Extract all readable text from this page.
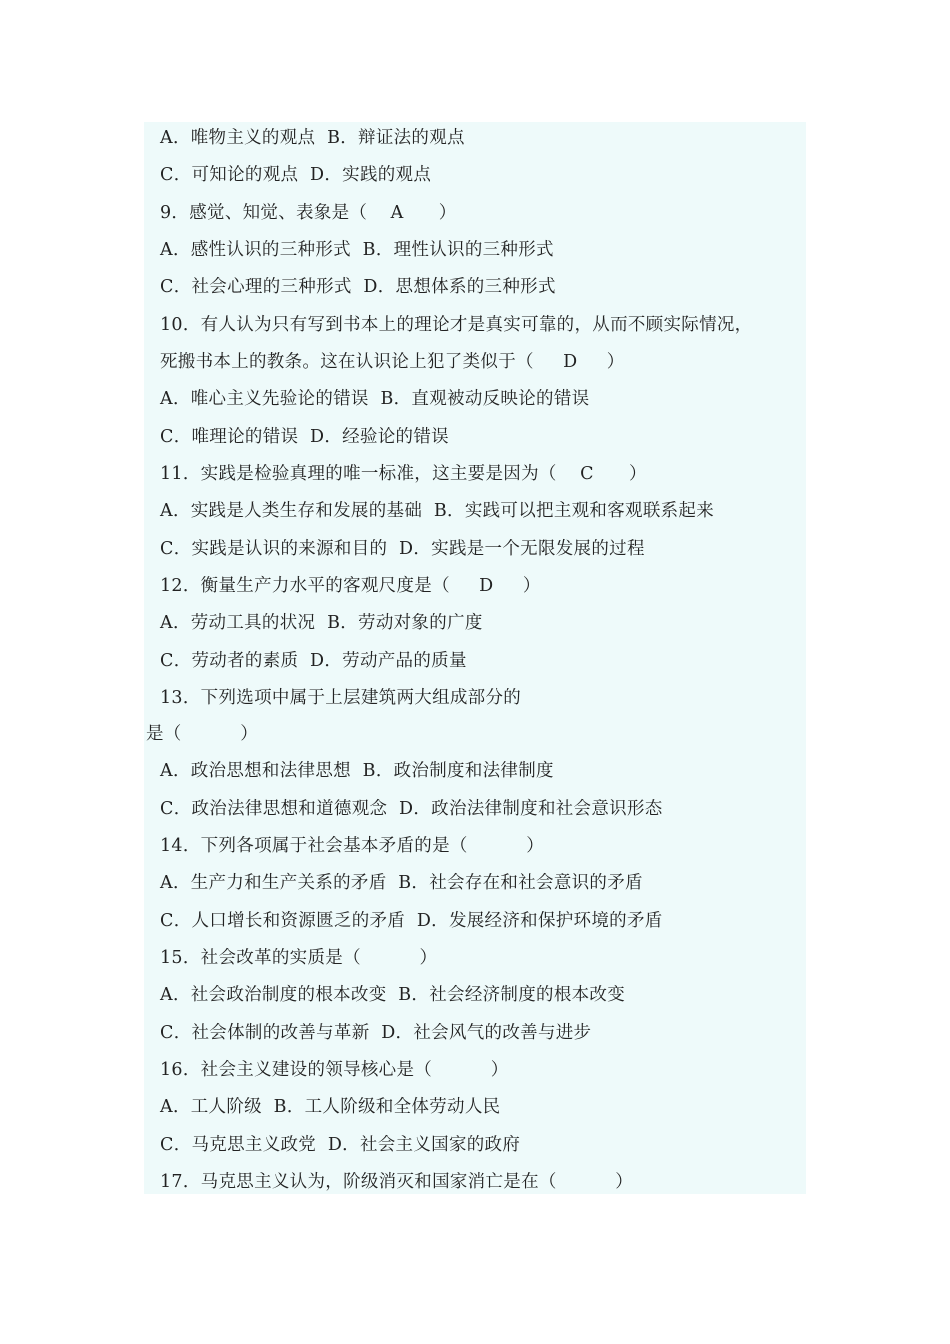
A．唯物主义的观点  B．辩证法的观点
C．可知论的观点  D．实践的观点
9．感觉、知觉、表象是（    A      ）
A．感性认识的三种形式  B．理性认识的三种形式
C．社会心理的三种形式  D．思想体系的三种形式
10．有人认为只有写到书本上的理论才是真实可靠的，从而不顾实际情况，
死搬书本上的教条。这在认识论上犯了类似于（     D     ）
A．唯心主义先验论的错误  B．直观被动反映论的错误
C．唯理论的错误  D．经验论的错误
11．实践是检验真理的唯一标准，这主要是因为（    C      ）
A．实践是人类生存和发展的基础  B．实践可以把主观和客观联系起来
C．实践是认识的来源和目的  D．实践是一个无限发展的过程
12．衡量生产力水平的客观尺度是（     D     ）
A．劳动工具的状况  B．劳动对象的广度
C．劳动者的素质  D．劳动产品的质量
13．下列选项中属于上层建筑两大组成部分的
是（          ）
A．政治思想和法律思想  B．政治制度和法律制度
C．政治法律思想和道德观念  D．政治法律制度和社会意识形态
14．下列各项属于社会基本矛盾的是（          ）
A．生产力和生产关系的矛盾  B．社会存在和社会意识的矛盾
C．人口增长和资源匮乏的矛盾  D．发展经济和保护环境的矛盾
15．社会改革的实质是（          ）
A．社会政治制度的根本改变  B．社会经济制度的根本改变
C．社会体制的改善与革新  D．社会风气的改善与进步
16．社会主义建设的领导核心是（          ）
A．工人阶级  B．工人阶级和全体劳动人民
C．马克思主义政党  D．社会主义国家的政府
17．马克思主义认为，阶级消灭和国家消亡是在（          ）
